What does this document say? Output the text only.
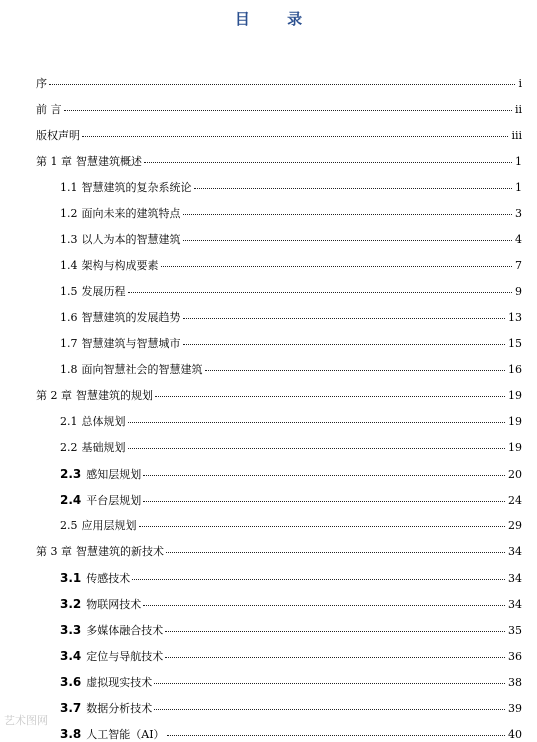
目 录
序	i
前 言	ii
版权声明	iii
第 1 章 智慧建筑概述	1
1.1 智慧建筑的复杂系统论	1
1.2 面向未来的建筑特点	3
1.3 以人为本的智慧建筑	4
1.4 架构与构成要素	7
1.5 发展历程	9
1.6 智慧建筑的发展趋势	13
1.7 智慧建筑与智慧城市	15
1.8 面向智慧社会的智慧建筑	16
第 2 章 智慧建筑的规划	19
2.1 总体规划	19
2.2 基础规划	19
2.3 感知层规划	20
2.4 平台层规划	24
2.5 应用层规划	29
第 3 章 智慧建筑的新技术	34
3.1 传感技术	34
3.2 物联网技术	34
3.3 多媒体融合技术	35
3.4 定位与导航技术	36
3.6 虚拟现实技术	38
3.7 数据分析技术	39
3.8 人工智能（AI）	40
艺术图网
